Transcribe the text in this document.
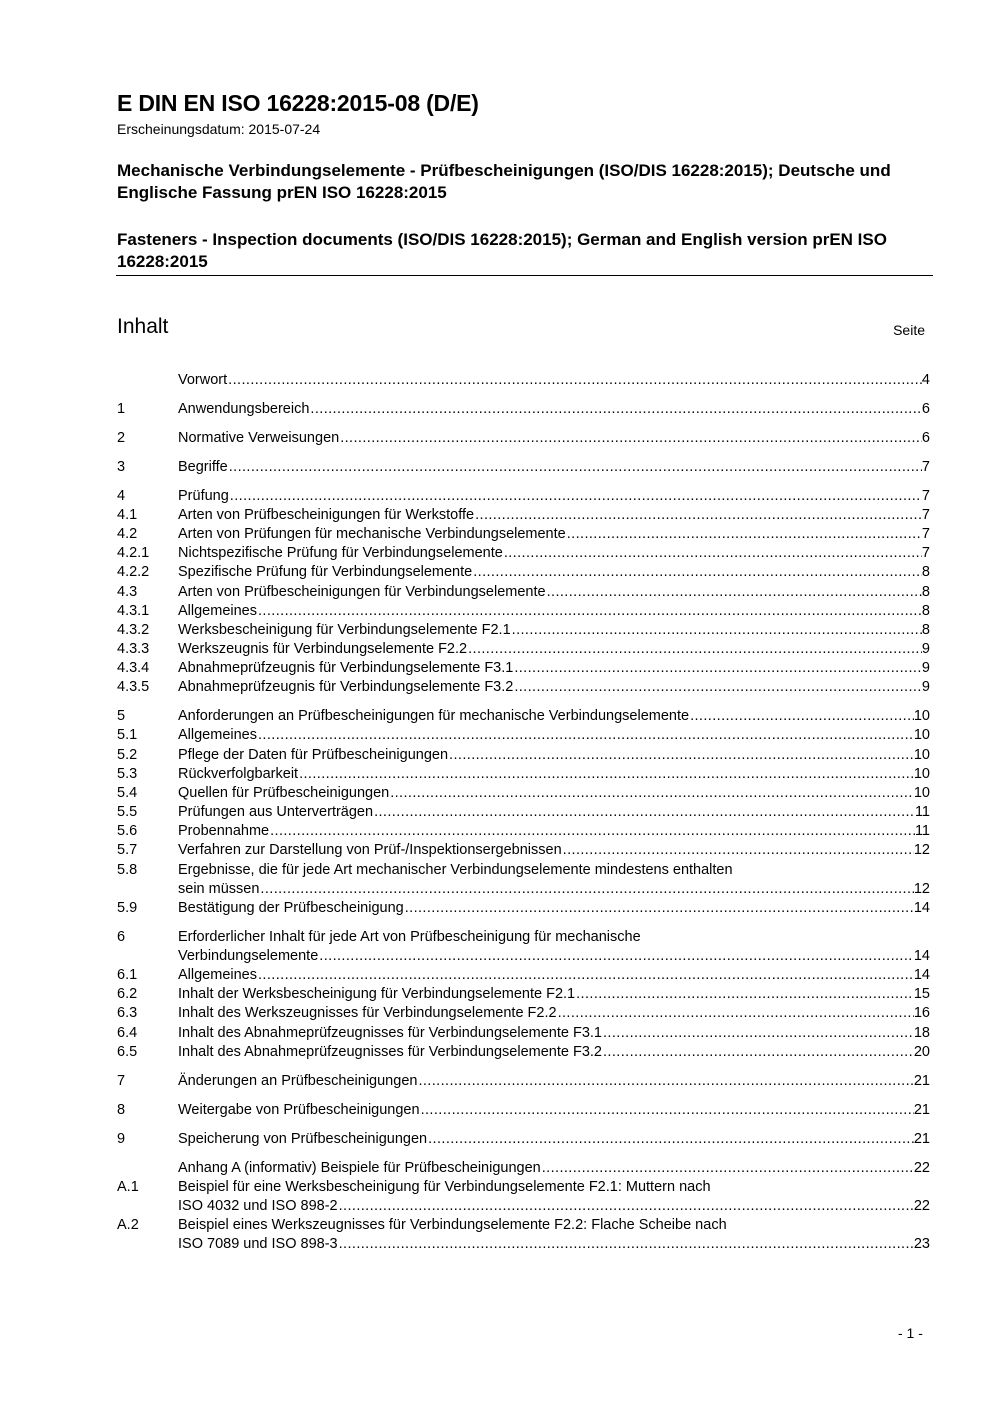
E DIN EN ISO 16228:2015-08 (D/E)
Erscheinungsdatum: 2015-07-24
Mechanische Verbindungselemente - Prüfbescheinigungen (ISO/DIS 16228:2015); Deutsche und Englische Fassung prEN ISO 16228:2015
Fasteners - Inspection documents (ISO/DIS 16228:2015); German and English version prEN ISO 16228:2015
Inhalt	Seite
Vorwort .....	4
1	Anwendungsbereich .....	6
2	Normative Verweisungen .....	6
3	Begriffe .....	7
4	Prüfung .....	7
4.1	Arten von Prüfbescheinigungen für Werkstoffe .....	7
4.2	Arten von Prüfungen für mechanische Verbindungselemente .....	7
4.2.1	Nichtspezifische Prüfung für Verbindungselemente .....	7
4.2.2	Spezifische Prüfung für Verbindungselemente .....	8
4.3	Arten von Prüfbescheinigungen für Verbindungselemente .....	8
4.3.1	Allgemeines .....	8
4.3.2	Werksbescheinigung für Verbindungselemente F2.1 .....	8
4.3.3	Werkszeugnis für Verbindungselemente F2.2 .....	9
4.3.4	Abnahmeprüfzeugnis für Verbindungselemente F3.1 .....	9
4.3.5	Abnahmeprüfzeugnis für Verbindungselemente F3.2 .....	9
5	Anforderungen an Prüfbescheinigungen für mechanische Verbindungselemente .....	10
5.1	Allgemeines .....	10
5.2	Pflege der Daten für Prüfbescheinigungen .....	10
5.3	Rückverfolgbarkeit .....	10
5.4	Quellen für Prüfbescheinigungen .....	10
5.5	Prüfungen aus Unterverträgen .....	11
5.6	Probennahme .....	11
5.7	Verfahren zur Darstellung von Prüf-/Inspektionsergebnissen .....	12
5.8	Ergebnisse, die für jede Art mechanischer Verbindungselemente mindestens enthalten
sein müssen .....	12
5.9	Bestätigung der Prüfbescheinigung .....	14
6	Erforderlicher Inhalt für jede Art von Prüfbescheinigung für mechanische
Verbindungselemente .....	14
6.1	Allgemeines .....	14
6.2	Inhalt der Werksbescheinigung für Verbindungselemente F2.1 .....	15
6.3	Inhalt des Werkszeugnisses für Verbindungselemente F2.2 .....	16
6.4	Inhalt des Abnahmeprüfzeugnisses für Verbindungselemente F3.1 .....	18
6.5	Inhalt des Abnahmeprüfzeugnisses für Verbindungselemente F3.2 .....	20
7	Änderungen an Prüfbescheinigungen .....	21
8	Weitergabe von Prüfbescheinigungen .....	21
9	Speicherung von Prüfbescheinigungen .....	21
Anhang A (informativ) Beispiele für Prüfbescheinigungen .....	22
A.1	Beispiel für eine Werksbescheinigung für Verbindungselemente F2.1: Muttern nach
ISO 4032 und ISO 898-2 .....	22
A.2	Beispiel eines Werkszeugnisses für Verbindungselemente F2.2: Flache Scheibe nach
ISO 7089 und ISO 898-3 .....	23
- 1 -
